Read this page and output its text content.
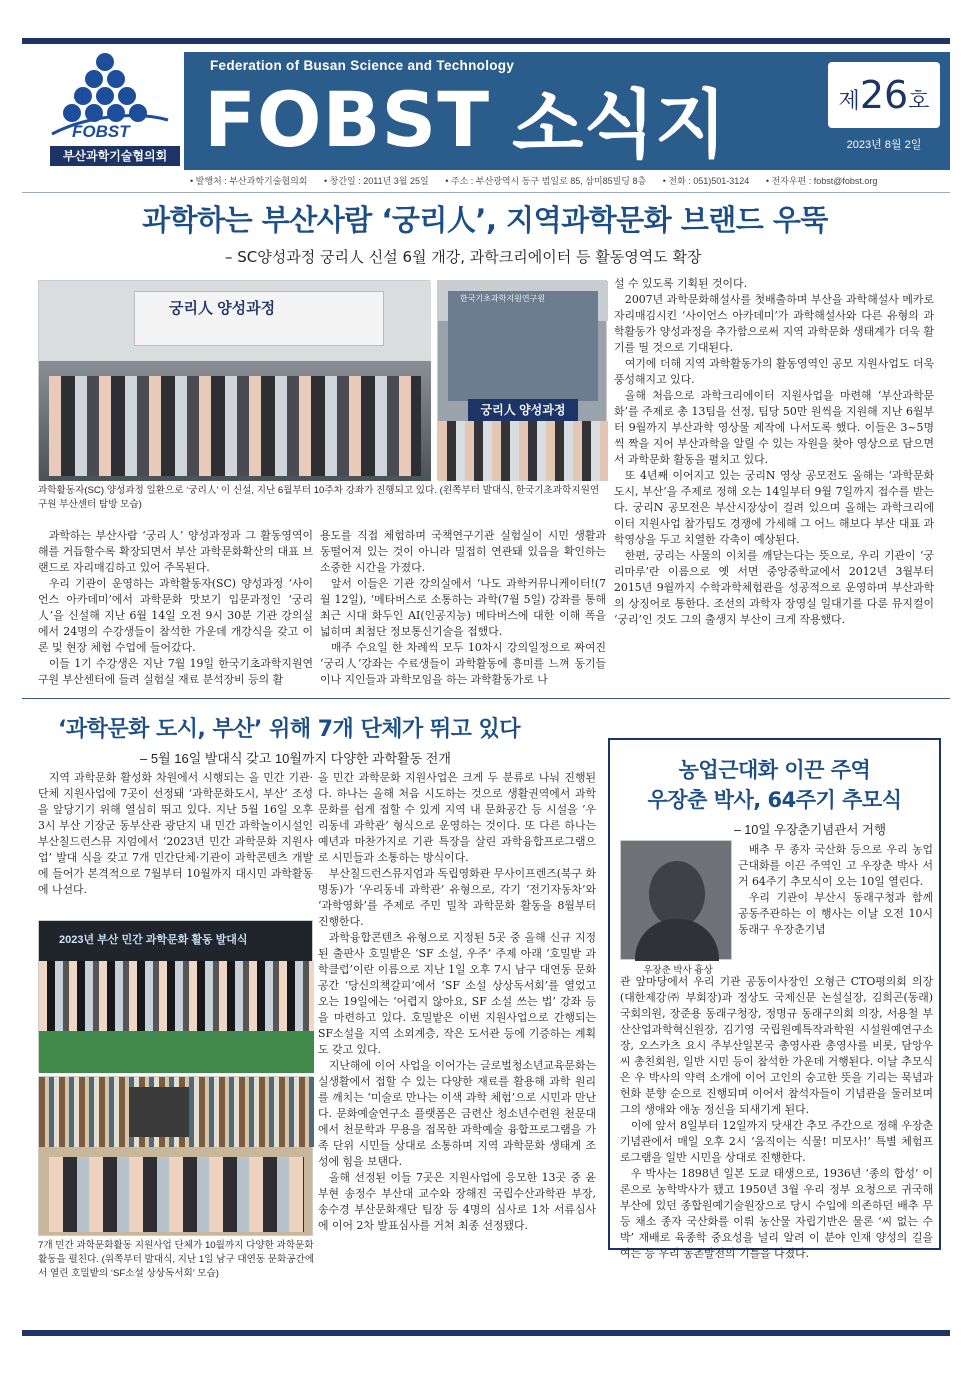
FOBST
부산과학기술협의회
Federation of Busan Science and Technology
FOBST 소식지	제26호
2023년 8월 2일
• 발행처 : 부산과학기술협의회 • 창간일 : 2011년 3월 25일 • 주소 : 부산광역시 동구 범일로 85, 삼미85빌딩 8층 • 전화 : 051)501-3124 • 전자우편 : fobst@fobst.org
과학하는 부산사람 ‘궁리人’, 지역과학문화 브랜드 우뚝
– SC양성과정 궁리人 신설 6월 개강, 과학크리에이터 등 활동영역도 확장
궁리人 양성과정
한국기초과학지원연구원
궁리人 양성과정
과학활동자(SC) 양성과정 일환으로 ‘궁리人’ 이 신설, 지난 6월부터 10주차 강좌가 진행되고 있다. (왼쪽부터 발대식, 한국기초과학지원연 구원 부산센터 탐방 모습)

과학하는 부산사람 ‘궁리人’ 양성과정과 그 활동영역이 해를 거듭할수록 확장되면서 부산 과학문화확산의 대표 브랜드로 자리매김하고 있어 주목된다.

우리 기관이 운영하는 과학활동자(SC) 양성과정 ‘사이언스 아카데미’에서 과학문화 맛보기 입문과정인 ‘궁리人’을 신설해 지난 6월 14일 오전 9시 30분 기관 강의실에서 24명의 수강생들이 참석한 가운데 개강식을 갖고 이론 및 현장 체험 수업에 들어갔다.

이들 1기 수강생은 지난 7월 19일 한국기초과학지원연구원 부산센터에 들려 실험실 재료 분석장비 등의 활

용도를 직접 체험하며 국책연구기관 실험실이 시민 생활과 동떨어져 있는 것이 아니라 밀접히 연관돼 있음을 확인하는 소중한 시간을 가졌다.

앞서 이들은 기관 강의실에서 ‘나도 과학커뮤니케이터!(7월 12일), ‘메타버스로 소통하는 과학(7월 5일) 강좌를 통해 최근 시대 화두인 AI(인공지능) 메타버스에 대한 이해 폭을 넓히며 최첨단 정보통신기술을 접했다.

매주 수요일 한 차례씩 모두 10차시 강의일정으로 짜여진 ‘궁리人’강좌는 수료생들이 과학활동에 흥미를 느껴 동기들이나 지인들과 과학모임을 하는 과학활동가로 나

설 수 있도록 기획된 것이다.

2007년 과학문화해설사를 첫배출하며 부산을 과학해설사 메카로 자리매김시킨 ‘사이언스 아카데미’가 과학해설사와 다른 유형의 과학활동가 양성과정을 추가함으로써 지역 과학문화 생태계가 더욱 활기를 띨 것으로 기대된다.

여기에 더해 지역 과학활동가의 활동영역인 공모 지원사업도 더욱 풍성해지고 있다.

올해 처음으로 과학크리에이터 지원사업을 마련해 ‘부산과학문화’를 주제로 총 13팀을 선정, 팀당 50만 원씩을 지원해 지난 6월부터 9월까지 부산과학 영상물 제작에 나서도록 했다. 이들은 3~5명씩 짝을 지어 부산과학을 알릴 수 있는 자원을 찾아 영상으로 담으면서 과학문화 활동을 펼치고 있다.

또 4년째 이어지고 있는 궁리N 영상 공모전도 올해는 ‘과학문화도시, 부산’을 주제로 정해 오는 14일부터 9월 7일까지 접수를 받는다. 궁리N 공모전은 부산시장상이 걸려 있으며 올해는 과학크리에이터 지원사업 참가팀도 경쟁에 가세해 그 어느 해보다 부산 대표 과학영상을 두고 치열한 각축이 예상된다.

한편, 궁리는 사물의 이치를 깨닫는다는 뜻으로, 우리 기관이 ‘궁리마루’란 이름으로 옛 서면 중앙중학교에서 2012년 3월부터 2015년 9월까지 수학과학체험관을 성공적으로 운영하며 부산과학의 상징어로 통한다. 조선의 과학자 장영실 일대기를 다룬 뮤지컬이 ‘궁리’인 것도 그의 출생지 부산이 크게 작용했다.

‘과학문화 도시, 부산’ 위해 7개 단체가 뛰고 있다
– 5월 16일 발대식 갖고 10월까지 다양한 과학활동 전개

지역 과학문화 활성화 차원에서 시행되는 올 민간 기관·단체 지원사업에 7곳이 선정돼 ‘과학문화도시, 부산’ 조성을 앞당기기 위해 열심히 뛰고 있다. 지난 5월 16일 오후 3시 부산 기장군 동부산관 광단지 내 민간 과학놀이시설인 부산칠드런스뮤 지엄에서 ‘2023년 민간 과학문화 지원사업’ 발대 식을 갖고 7개 민간단체·기관이 과학콘텐츠 개발 에 들어가 본격적으로 7월부터 10월까지 대시민 과학활동에 나선다.

2023년 부산 민간 과학문화 활동 발대식
7개 민간 과학문화활동 지원사업 단체가 10월까지 다양한 과학문화활동을 펼친다. (위쪽부터 발대식, 지난 1일 남구 대연동 문화공간에서 열린 호밀밭의 ‘SF소설 상상독서회’ 모습)

올 민간 과학문화 지원사업은 크게 두 분류로 나눠 진행된다. 하나는 올해 처음 시도하는 것으로 생활권역에서 과학문화를 쉽게 접할 수 있게 지역 내 문화공간 등 시설을 ‘우리동네 과학관’ 형식으로 운영하는 것이다. 또 다른 하나는 예년과 마찬가지로 기관 특장을 살린 과학융합프로그램으로 시민들과 소통하는 방식이다.

부산칠드런스뮤지엄과 독립영화관 무사이프렌즈(북구 화명동)가 ‘우리동네 과학관’ 유형으로, 각기 ‘전기자동차’와 ‘과학영화’를 주제로 주민 밀착 과학문화 활동을 8월부터 진행한다.

과학융합콘텐츠 유형으로 지정된 5곳 중 올해 신규 지정된 출판사 호밀밭은 ‘SF 소설, 우주’ 주제 아래 ‘호밀밭 과학클럽’이란 이름으로 지난 1일 오후 7시 남구 대연동 문화공간 ‘당신의책갈피’에서 ‘SF 소설 상상독서회’를 열었고 오는 19일에는 ‘어렵지 않아요, SF 소설 쓰는 법’ 강좌 등을 마련하고 있다. 호밀밭은 이번 지원사업으로 간행되는 SF소설을 지역 소외계층, 작은 도서관 등에 기증하는 계획도 갖고 있다.

지난해에 이어 사업을 이어가는 글로벌청소년교육문화는 실생활에서 접할 수 있는 다양한 재료를 활용해 과학 원리를 깨치는 ‘미술로 만나는 이색 과학 체험’으로 시민과 만난다. 문화예술연구소 플랫폼은 금련산 청소년수련원 천문대에서 천문학과 무용을 접목한 과학예술 융합프로그램을 가족 단위 시민들 상대로 소통하며 지역 과학문화 생태계 조성에 힘을 보탠다.

올해 선정된 이들 7곳은 지원사업에 응모한 13곳 중 윤부현 송정수 부산대 교수와 장해진 국립수산과학관 부장, 송수경 부산문화재단 팀장 등 4명의 심사로 1차 서류심사에 이어 2차 발표심사를 거쳐 최종 선정됐다.

농업근대화 이끈 주역
우장춘 박사, 64주기 추모식
– 10일 우장춘기념관서 거행
우장춘 박사 흉상

배추 무 종자 국산화 등으로 우리 농업근대화를 이끈 주역인 고 우장춘 박사 서거 64주기 추모식이 오는 10일 열린다.

우리 기관이 부산시 동래구청과 함께 공동주관하는 이 행사는 이날 오전 10시 동래구 우장춘기념

관 앞마당에서 우리 기관 공동이사장인 오형근 CTO평의회 의장(대한제강㈜ 부회장)과 정상도 국제신문 논설실장, 김희곤(동래) 국회의원, 장준용 동래구청장, 정명규 동래구의회 의장, 서용철 부산산업과학혁신원장, 김기영 국립원예특작과학원 시설원예연구소장, 오스카츠 요시 주부산일본국 총영사관 총영사를 비롯, 담앙우씨 총친회원, 일반 시민 등이 참석한 가운데 거행된다. 이날 추모식은 우 박사의 약력 소개에 이어 고인의 숭고한 뜻을 기리는 묵념과 헌화 분향 순으로 진행되며 이어서 참석자들이 기념관을 둘러보며 그의 생애와 애농 정신을 되새기게 된다.

이에 앞서 8일부터 12일까지 닷새간 추모 주간으로 정해 우장춘기념관에서 매일 오후 2시 ‘움직이는 식물! 미모사!’ 특별 체험프로그램을 일반 시민을 상대로 진행한다.

우 박사는 1898년 일본 도쿄 태생으로, 1936년 ‘종의 합성’ 이론으로 농학박사가 됐고 1950년 3월 우리 정부 요청으로 귀국해 부산에 있던 종합원예기술원장으로 당시 수입에 의존하던 배추 무 등 채소 종자 국산화를 이뤄 농산물 자립기반은 물론 ‘씨 없는 수박’ 재배로 육종학 중요성을 널리 알려 이 분야 인재 양성의 길을 여는 등 우리 농촌발전의 기틀을 다졌다.
